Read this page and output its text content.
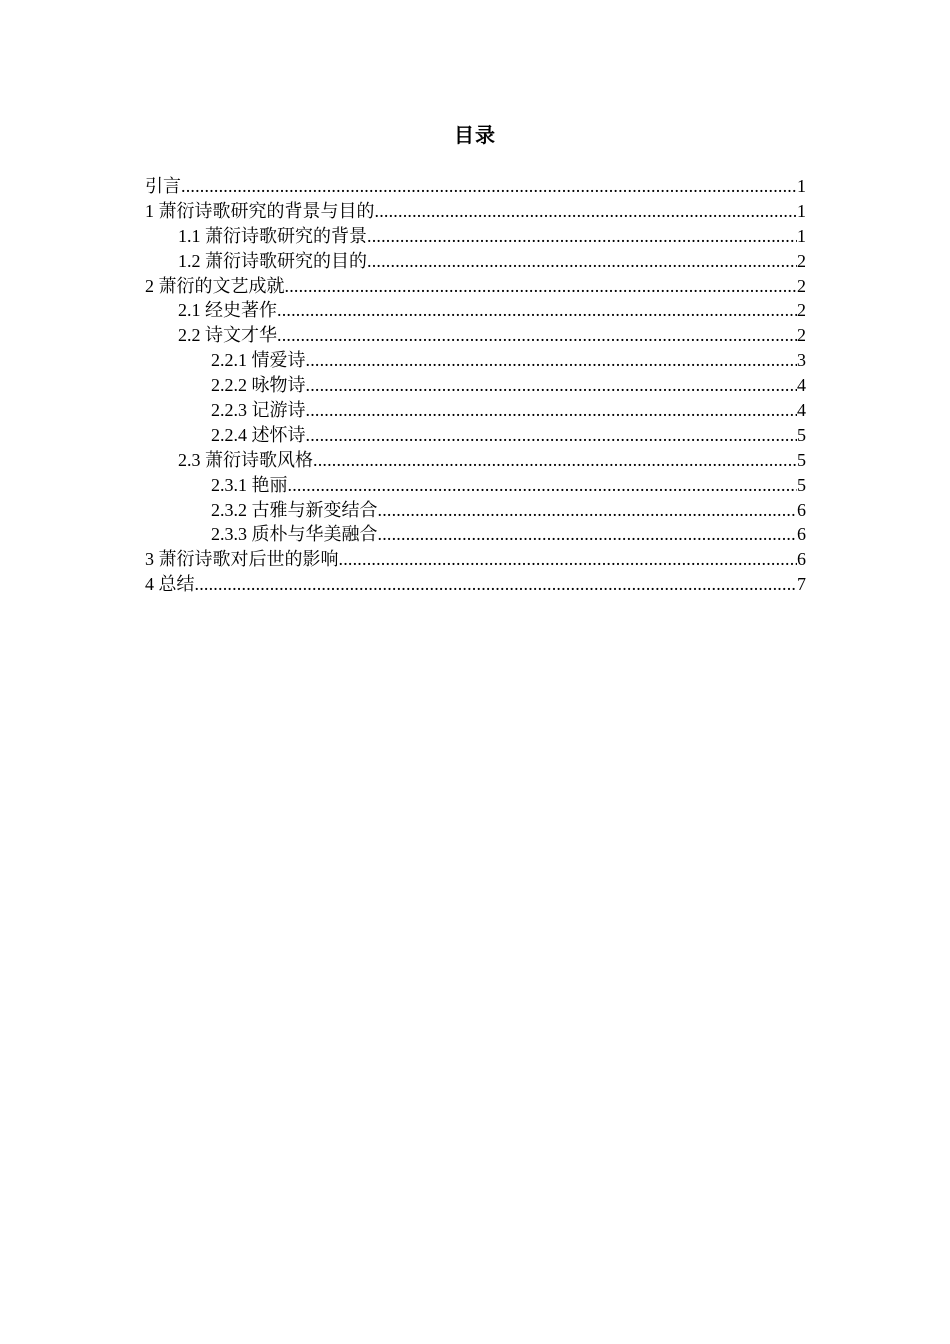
目录
引言 .....	1
1 萧衍诗歌研究的背景与目的 .....	1
1.1 萧衍诗歌研究的背景 .....	1
1.2 萧衍诗歌研究的目的 .....	2
2 萧衍的文艺成就 .....	2
2.1 经史著作 .....	2
2.2 诗文才华 .....	2
2.2.1 情爱诗 .....	3
2.2.2 咏物诗 .....	4
2.2.3 记游诗 .....	4
2.2.4 述怀诗 .....	5
2.3 萧衍诗歌风格 .....	5
2.3.1 艳丽 .....	5
2.3.2 古雅与新变结合 .....	6
2.3.3 质朴与华美融合 .....	6
3 萧衍诗歌对后世的影响 .....	6
4 总结 .....	7
